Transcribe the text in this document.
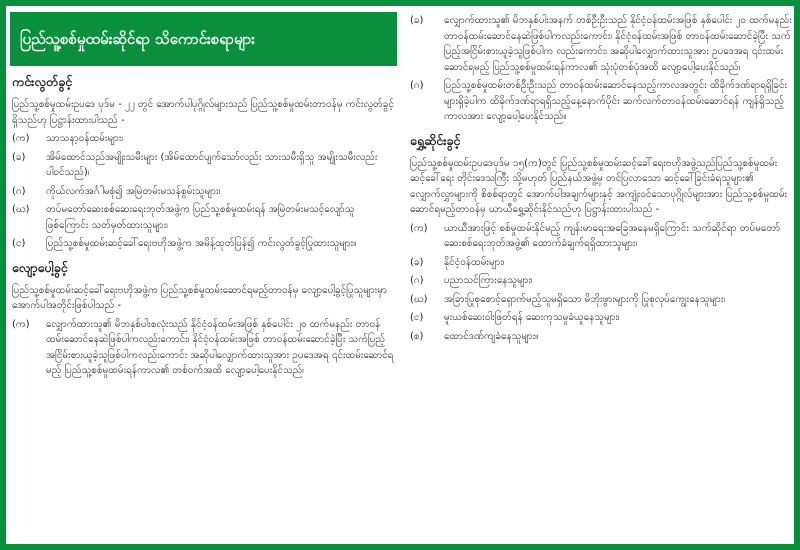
ပြည်သူ့စစ်မှုထမ်းဆိုင်ရာ သိကောင်းစရာများ
ကင်းလွတ်ခွင့်

ပြည်သူ့စစ်မှုထမ်းဥပဒေ ပုဒ်မ - ၂၂ တွင် အောက်ပါပုဂ္ဂိုလ်များသည် ပြည်သူ့စစ်မှုထမ်းတာဝန်မှ ကင်းလွတ်ခွင့်ရှိသည်ဟု ပြဋ္ဌာန်းထားပါသည် -

(က)	သာသနာ့ဝန်ထမ်းများ၊
(ခ)	အိမ်ထောင်သည်အမျိုးသမီးများ (အိမ်ထောင်ပျက်သော်လည်း သားသမီးရှိသူ အမျိုးသမီးလည်း ပါဝင်သည်)၊
(ဂ)	ကိုယ်လက်အင်္ဂါမစုံ၍ အမြဲတမ်းမသန်စွမ်းသူများ၊
(ဃ)	တပ်မတော်ဆေးစစ်ဆေးရေးဘုတ်အဖွဲ့က ပြည်သူ့စစ်မှုထမ်းရန် အမြဲတမ်းမသင့်လျော်သူ ဖြစ်ကြောင်း သတ်မှတ်ထားသူများ၊
(င)	ပြည်သူ့စစ်မှုထမ်းဆင့်ခေါ်ရေးဗဟိုအဖွဲ့က အမိန့်ထုတ်ပြန်၍ ကင်းလွတ်ခွင့်ပြုထားသူများ။
လျော့ပေါ့ခွင့်

ပြည်သူ့စစ်မှုထမ်းဆင့်ခေါ်ရေးဗဟိုအဖွဲ့က ပြည်သူ့စစ်မှုထမ်းဆောင်ရမည့်တာဝန်မှ လျော့ပေါ့ခွင့်ပြုသူများမှာ အောက်ပါအတိုင်းဖြစ်ပါသည် -

(က)	လျှောက်ထားသူ၏ မိဘနှစ်ပါးစလုံးသည် နိုင်ငံ့ဝန်ထမ်းအဖြစ် နှစ်ပေါင်း ၂၀ ထက်မနည်း တာဝန်ထမ်းဆောင်နေဆဲဖြစ်ပါကလည်းကောင်း၊ နိုင်ငံ့ဝန်ထမ်းအဖြစ် တာဝန်ထမ်းဆောင်ခဲ့ပြီး သက်ပြည့်အငြိမ်းစားယူခဲ့သူဖြစ်ပါကလည်းကောင်း အဆိုပါလျှောက်ထားသူအား ဥပဒေအရ ၎င်းထမ်းဆောင်ရမည့် ပြည်သူ့စစ်မှုထမ်းရန်ကာလ၏ တစ်ဝက်အထိ လျော့ပေါ့ပေးနိုင်သည်၊
(ခ)	လျှောက်ထားသူ၏ မိဘနှစ်ပါးအနက် တစ်ဦးဦးသည် နိုင်ငံ့ဝန်ထမ်းအဖြစ် နှစ်ပေါင်း ၂၀ ထက်မနည်း တာဝန်ထမ်းဆောင်နေဆဲဖြစ်ပါကလည်းကောင်း၊ နိုင်ငံ့ဝန်ထမ်းအဖြစ် တာဝန်ထမ်းဆောင်ခဲ့ပြီး သက်ပြည့်အငြိမ်းစားယူခဲ့သူဖြစ်ပါက လည်းကောင်း၊ အဆိုပါလျှောက်ထားသူအား ဥပဒေအရ ၎င်းထမ်းဆောင်ရမည့် ပြည်သူ့စစ်မှုထမ်းရန်ကာလ၏ သုံးပုံတစ်ပုံအထိ လျော့ပေါ့ပေးနိုင်သည်၊
(ဂ)	ပြည်သူ့စစ်မှုထမ်းတစ်ဦးဦးသည် တာဝန်ထမ်းဆောင်နေသည့်ကာလအတွင်း ထိခိုက်ဒဏ်ရာရရှိခြင်းများရှိခဲ့ပါက ထိခိုက်ဒဏ်ရာရရှိသည့်နေ့နောက်ပိုင်း ဆက်လက်တာဝန်ထမ်းဆောင်ရန် ကျန်ရှိသည့်ကာလအား လျော့ပေါ့ပေးနိုင်သည်။
ရွှေ့ဆိုင်းခွင့်

ပြည်သူ့စစ်မှုထမ်းဥပဒေပုဒ်မ ၁၅(က)တွင် ပြည်သူ့စစ်မှုထမ်းဆင့်ခေါ်ရေးဗဟိုအဖွဲ့သည်ပြည်သူ့စစ်မှုထမ်းဆင့်ခေါ်ရေး တိုင်းဒေသကြီး သို့မဟုတ် ပြည်နယ်အဖွဲ့မှ တင်ပြလာသော ဆင့်ခေါ်ခြင်းခံရသူများ၏ လျှောက်လွှာများကို စိစစ်ရာတွင် အောက်ပါအချက်များနှင့် အကျုံးဝင်သောပုဂ္ဂိုလ်များအား ပြည်သူ့စစ်မှုထမ်းဆောင်ရမည့်တာဝန်မှ ယာယီရွှေ့ဆိုင်းနိုင်သည်ဟု ပြဋ္ဌာန်းထားပါသည် -

(က)	ယာယီအားဖြင့် စစ်မှုထမ်းနိုင်မည့် ကျန်းမာရေးအခြေအနေမရှိကြောင်း သက်ဆိုင်ရာ တပ်မတော်ဆေးစစ်ရေးဘုတ်အဖွဲ့၏ ထောက်ခံချက်ရရှိထားသူများ၊
(ခ)	နိုင်ငံ့ဝန်ထမ်းများ၊
(ဂ)	ပညာသင်ကြားနေသူများ၊
(ဃ)	အခြားပြုစုစောင့်ရှောက်မည့်သူမရှိသော မိဘိုးဖွားများကို ပြုစုလုပ်ကျွေးနေသူများ၊
(င)	မူးယစ်ဆေးဝါးဖြတ်ရန် ဆေးကုသမှုခံယူနေသူများ၊
(စ)	ထောင်ဒဏ်ကျခံနေသူများ။
